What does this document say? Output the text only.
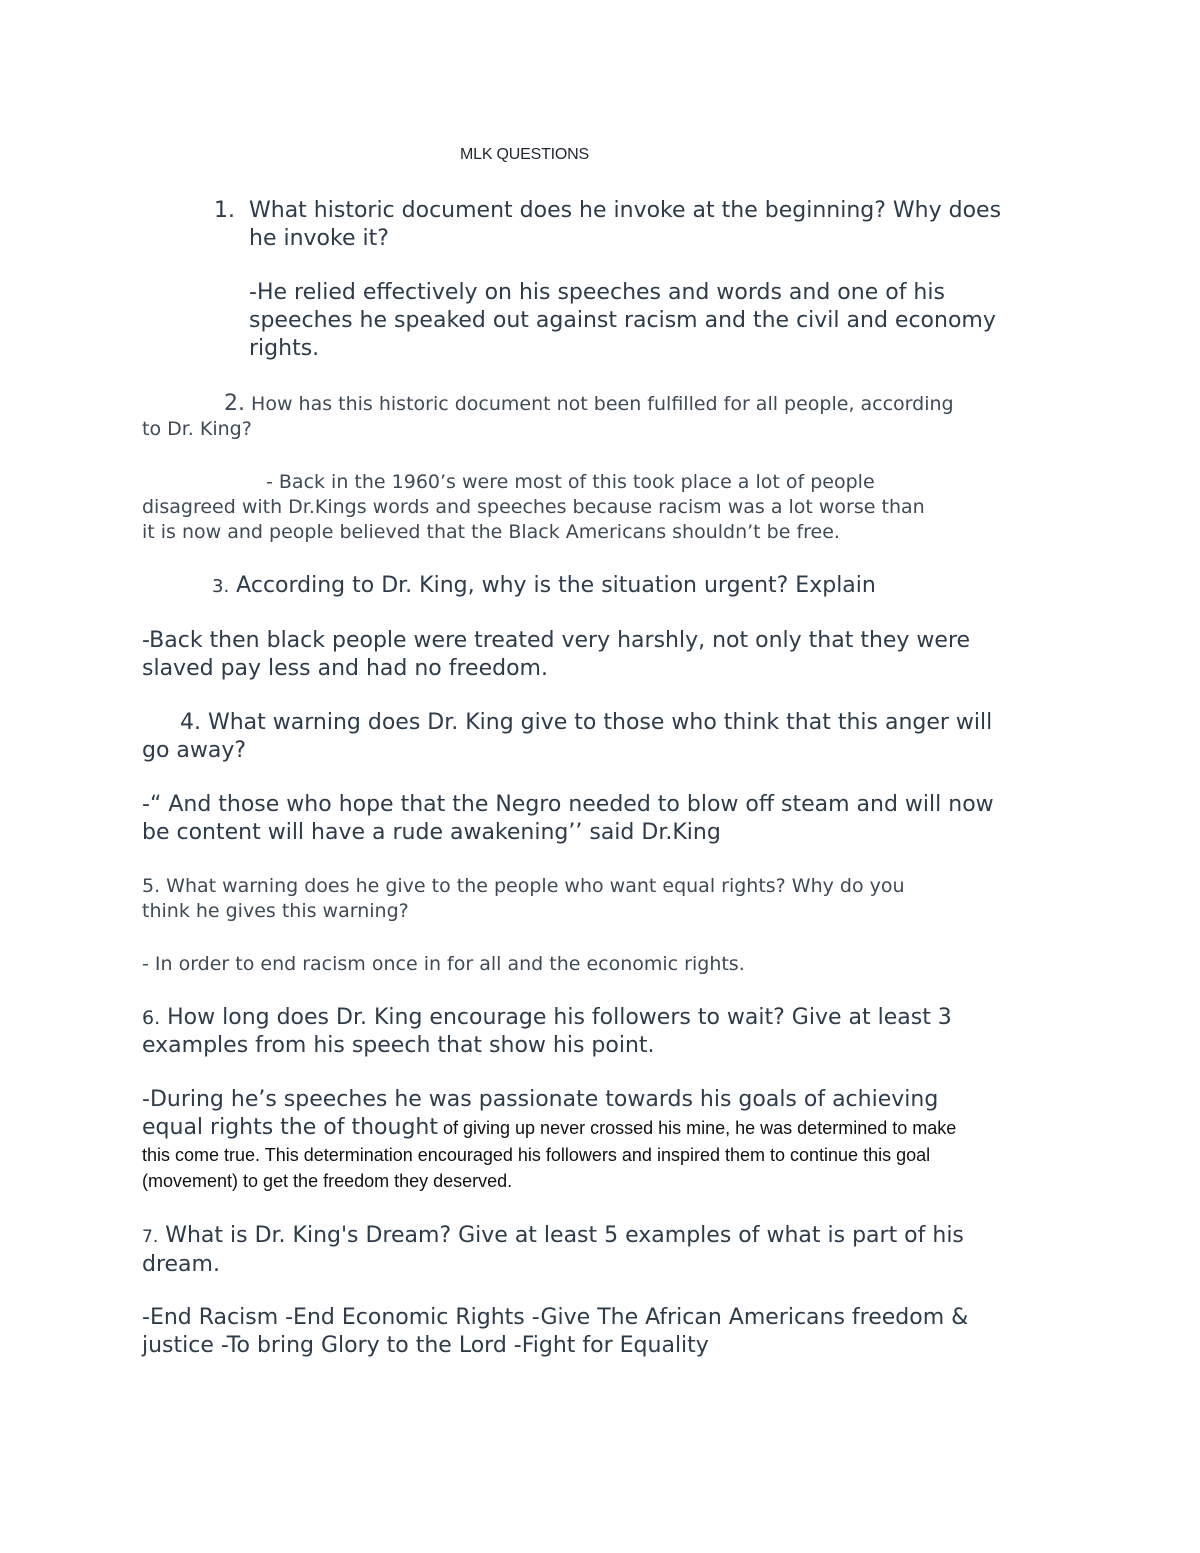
MLK QUESTIONS
1. What historic document does he invoke at the beginning? Why does
he invoke it?
-He relied effectively on his speeches and words and one of his
speeches he speaked out against racism and the civil and economy
rights.
2. How has this historic document not been fulfilled for all people, according
to Dr. King?
- Back in the 1960’s were most of this took place a lot of people
disagreed with Dr.Kings words and speeches because racism was a lot worse than
it is now and people believed that the Black Americans shouldn’t be free.
3. According to Dr. King, why is the situation urgent? Explain
-Back then black people were treated very harshly, not only that they were
slaved pay less and had no freedom.
4. What warning does Dr. King give to those who think that this anger will
go away?
-“ And those who hope that the Negro needed to blow off steam and will now
be content will have a rude awakening’’ said Dr.King
5. What warning does he give to the people who want equal rights? Why do you
think he gives this warning?
- In order to end racism once in for all and the economic rights.
6. How long does Dr. King encourage his followers to wait? Give at least 3
examples from his speech that show his point.
-During he’s speeches he was passionate towards his goals of achieving
equal rights the of thought of giving up never crossed his mine, he was determined to make
this come true. This determination encouraged his followers and inspired them to continue this goal
(movement) to get the freedom they deserved.
7. What is Dr. King's Dream? Give at least 5 examples of what is part of his
dream.
-End Racism -End Economic Rights -Give The African Americans freedom &
justice -To bring Glory to the Lord -Fight for Equality
